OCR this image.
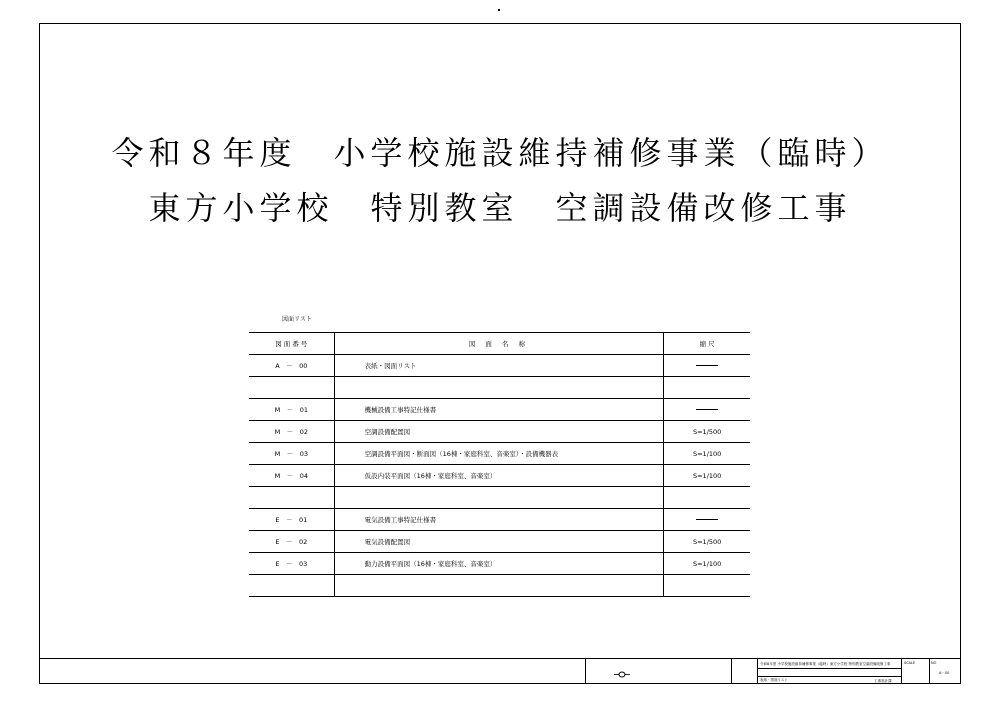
令和８年度　小学校施設維持補修事業（臨時）
東方小学校　特別教室　空調設備改修工事
図面リスト
図 面 番 号	図 面 名 称	縮 尺
A　－　00	表紙・図面リスト	

M　－　01	機械設備工事特記仕様書	
M　－　02	空調設備配置図	S=1/500
M　－　03	空調設備平面図・断面図（16棟・家庭科室、音楽室）・設備機器表	S=1/100
M　－　04	仮設内装平面図（16棟・家庭科室、音楽室）	S=1/100

E　－　01	電気設備工事特記仕様書	
E　－　02	電気設備配置図	S=1/500
E　－　03	動力設備平面図（16棟・家庭科室、音楽室）	S=1/100

令和8年度 小学校施設維持補修事業（臨時）東方小学校 特別教室空調設備改修工事
表紙・図面リスト	工事設計課
SCALE	NO
A－00
